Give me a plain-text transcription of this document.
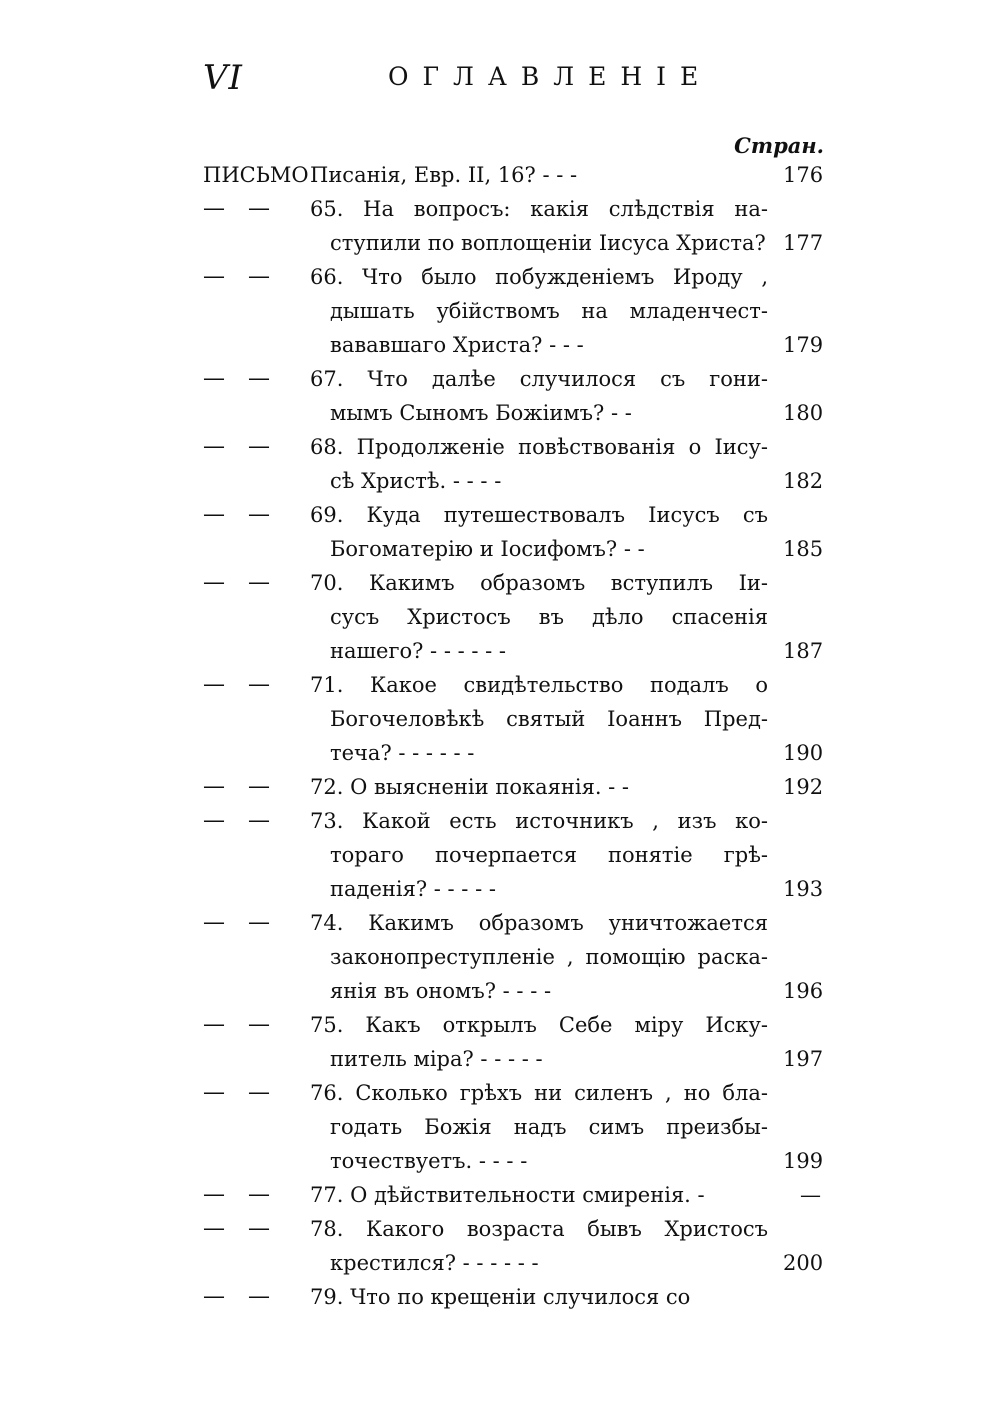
VI	ОГЛАВЛЕНІЕ
Стран.
ПИСЬМО Писанія, Евр. II, 16? - - -	176
— — 65. На вопросъ: какія слѣдствія на-
ступили по воплощеніи Іисуса Христа? 177
— — 66. Что было побужденіемъ Ироду ,
дышать убійствомъ на младенчест-
вававшаго Христа? - - -	179
— — 67. Что далѣе случилося съ гони-
мымъ Сыномъ Божіимъ? - -	180
— — 68. Продолженіе повѣствованія о Іису-
сѣ Христѣ. - - - -	182
— — 69. Куда путешествовалъ Іисусъ съ
Богоматерію и Іосифомъ? - -	185
— — 70. Какимъ образомъ вступилъ Іи-
сусъ Христосъ въ дѣло спасенія
нашего? - - - - - -	187
— — 71. Какое свидѣтельство подалъ о
Богочеловѣкѣ святый Іоаннъ Пред-
теча? - - - - - -	190
— — 72. О выясненіи покаянія. - -	192
— — 73. Какой есть источникъ , изъ ко-
тораго почерпается понятіе грѣ-
паденія? - - - - -	193
— — 74. Какимъ образомъ уничтожается
законопреступленіе , помощію раска-
янія въ ономъ? - - - -	196
— — 75. Какъ открылъ Себе міру Иску-
питель міра? - - - - -	197
— — 76. Сколько грѣхъ ни силенъ , но бла-
годать Божія надъ симъ преизбы-
точествуетъ. - - - -	199
— — 77. О дѣйствительности смиренія. -	—
— — 78. Какого возраста бывъ Христосъ
крестился? - - - - - -	200
— — 79. Что по крещеніи случилося со
